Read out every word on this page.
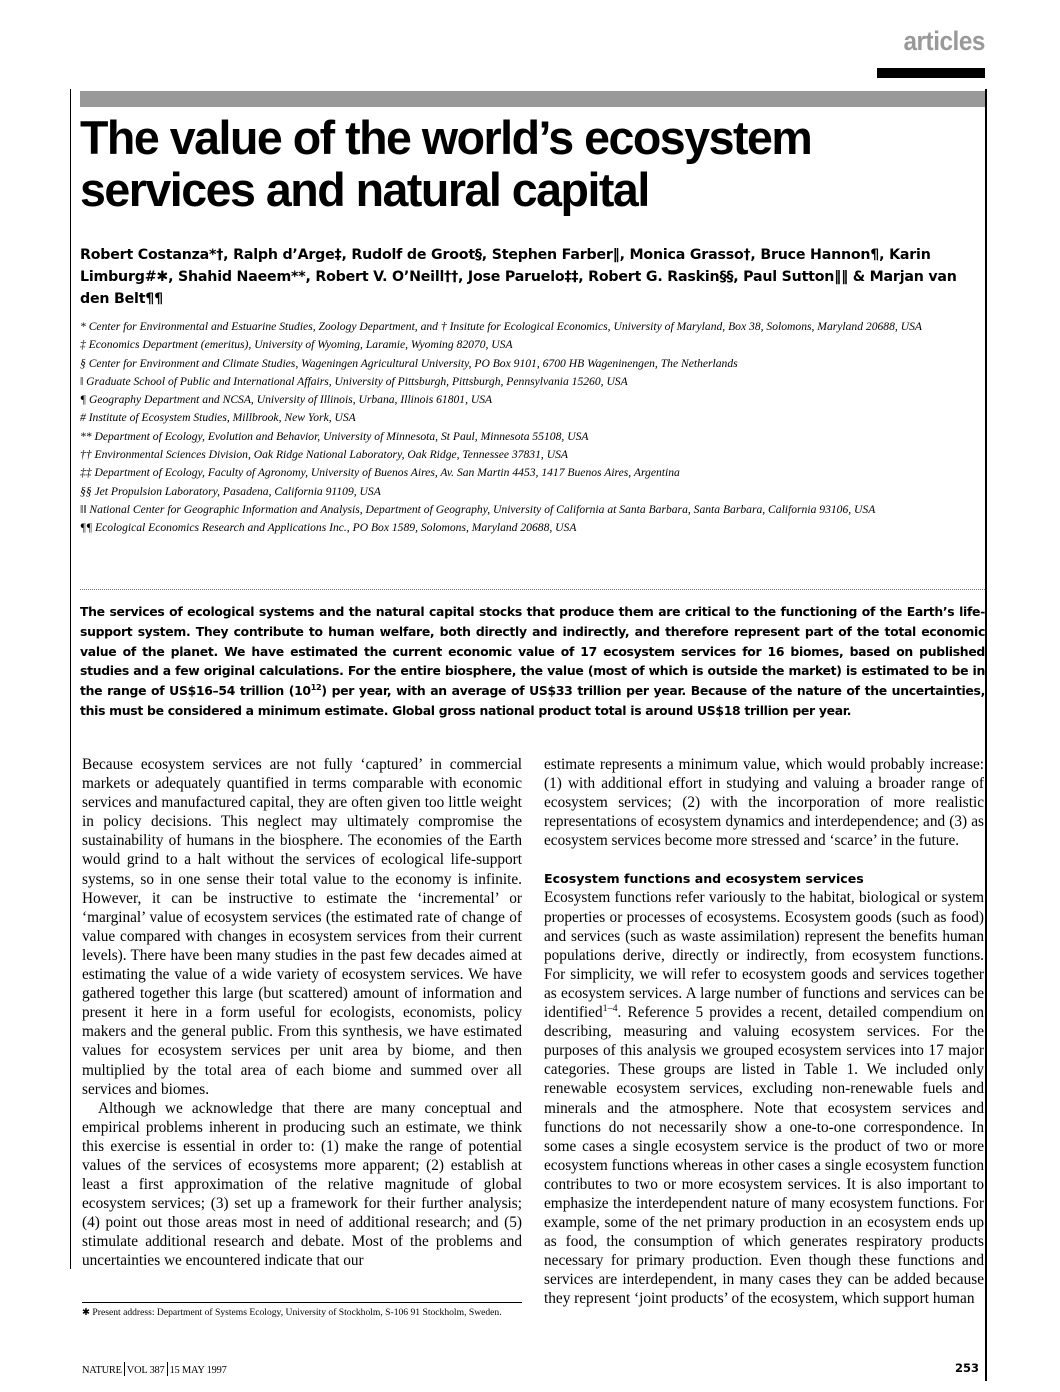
articles
The value of the world’s ecosystem services and natural capital

Robert Costanza*†, Ralph d’Arge‡, Rudolf de Groot§, Stephen Farber‖, Monica Grasso†, Bruce Hannon¶, Karin Limburg#✱, Shahid Naeem**, Robert V. O’Neill††, Jose Paruelo‡‡, Robert G. Raskin§§, Paul Sutton‖‖ & Marjan van den Belt¶¶

* Center for Environmental and Estuarine Studies, Zoology Department, and † Insitute for Ecological Economics, University of Maryland, Box 38, Solomons, Maryland 20688, USA
‡ Economics Department (emeritus), University of Wyoming, Laramie, Wyoming 82070, USA
§ Center for Environment and Climate Studies, Wageningen Agricultural University, PO Box 9101, 6700 HB Wageninengen, The Netherlands
‖ Graduate School of Public and International Affairs, University of Pittsburgh, Pittsburgh, Pennsylvania 15260, USA
¶ Geography Department and NCSA, University of Illinois, Urbana, Illinois 61801, USA
# Institute of Ecosystem Studies, Millbrook, New York, USA
** Department of Ecology, Evolution and Behavior, University of Minnesota, St Paul, Minnesota 55108, USA
†† Environmental Sciences Division, Oak Ridge National Laboratory, Oak Ridge, Tennessee 37831, USA
‡‡ Department of Ecology, Faculty of Agronomy, University of Buenos Aires, Av. San Martin 4453, 1417 Buenos Aires, Argentina
§§ Jet Propulsion Laboratory, Pasadena, California 91109, USA
‖‖ National Center for Geographic Information and Analysis, Department of Geography, University of California at Santa Barbara, Santa Barbara, California 93106, USA
¶¶ Ecological Economics Research and Applications Inc., PO Box 1589, Solomons, Maryland 20688, USA

The services of ecological systems and the natural capital stocks that produce them are critical to the functioning of the Earth’s life-support system. They contribute to human welfare, both directly and indirectly, and therefore represent part of the total economic value of the planet. We have estimated the current economic value of 17 ecosystem services for 16 biomes, based on published studies and a few original calculations. For the entire biosphere, the value (most of which is outside the market) is estimated to be in the range of US$16–54 trillion $(10^{12})$ per year, with an average of US$33 trillion per year. Because of the nature of the uncertainties, this must be considered a minimum estimate. Global gross national product total is around US$18 trillion per year.

Because ecosystem services are not fully ‘captured’ in commercial markets or adequately quantified in terms comparable with economic services and manufactured capital, they are often given too little weight in policy decisions. This neglect may ultimately compromise the sustainability of humans in the biosphere. The economies of the Earth would grind to a halt without the services of ecological life-support systems, so in one sense their total value to the economy is infinite. However, it can be instructive to estimate the ‘incremental’ or ‘marginal’ value of ecosystem services (the estimated rate of change of value compared with changes in ecosystem services from their current levels). There have been many studies in the past few decades aimed at estimating the value of a wide variety of ecosystem services. We have gathered together this large (but scattered) amount of information and present it here in a form useful for ecologists, economists, policy makers and the general public. From this synthesis, we have estimated values for ecosystem services per unit area by biome, and then multiplied by the total area of each biome and summed over all services and biomes.

Although we acknowledge that there are many conceptual and empirical problems inherent in producing such an estimate, we think this exercise is essential in order to: (1) make the range of potential values of the services of ecosystems more apparent; (2) establish at least a first approximation of the relative magnitude of global ecosystem services; (3) set up a framework for their further analysis; (4) point out those areas most in need of additional research; and (5) stimulate additional research and debate. Most of the problems and uncertainties we encountered indicate that our

estimate represents a minimum value, which would probably increase: (1) with additional effort in studying and valuing a broader range of ecosystem services; (2) with the incorporation of more realistic representations of ecosystem dynamics and interdependence; and (3) as ecosystem services become more stressed and ‘scarce’ in the future.

Ecosystem functions and ecosystem services

Ecosystem functions refer variously to the habitat, biological or system properties or processes of ecosystems. Ecosystem goods (such as food) and services (such as waste assimilation) represent the benefits human populations derive, directly or indirectly, from ecosystem functions. For simplicity, we will refer to ecosystem goods and services together as ecosystem services. A large number of functions and services can be identified$^{1-4}$. Reference 5 provides a recent, detailed compendium on describing, measuring and valuing ecosystem services. For the purposes of this analysis we grouped ecosystem services into 17 major categories. These groups are listed in Table 1. We included only renewable ecosystem services, excluding non-renewable fuels and minerals and the atmosphere. Note that ecosystem services and functions do not necessarily show a one-to-one correspondence. In some cases a single ecosystem service is the product of two or more ecosystem functions whereas in other cases a single ecosystem function contributes to two or more ecosystem services. It is also important to emphasize the interdependent nature of many ecosystem functions. For example, some of the net primary production in an ecosystem ends up as food, the consumption of which generates respiratory products necessary for primary production. Even though these functions and services are interdependent, in many cases they can be added because they represent ‘joint products’ of the ecosystem, which support human

✱ Present address: Department of Systems Ecology, University of Stockholm, S-106 91 Stockholm, Sweden.

NATURE VOL 387 15 MAY 1997	253
